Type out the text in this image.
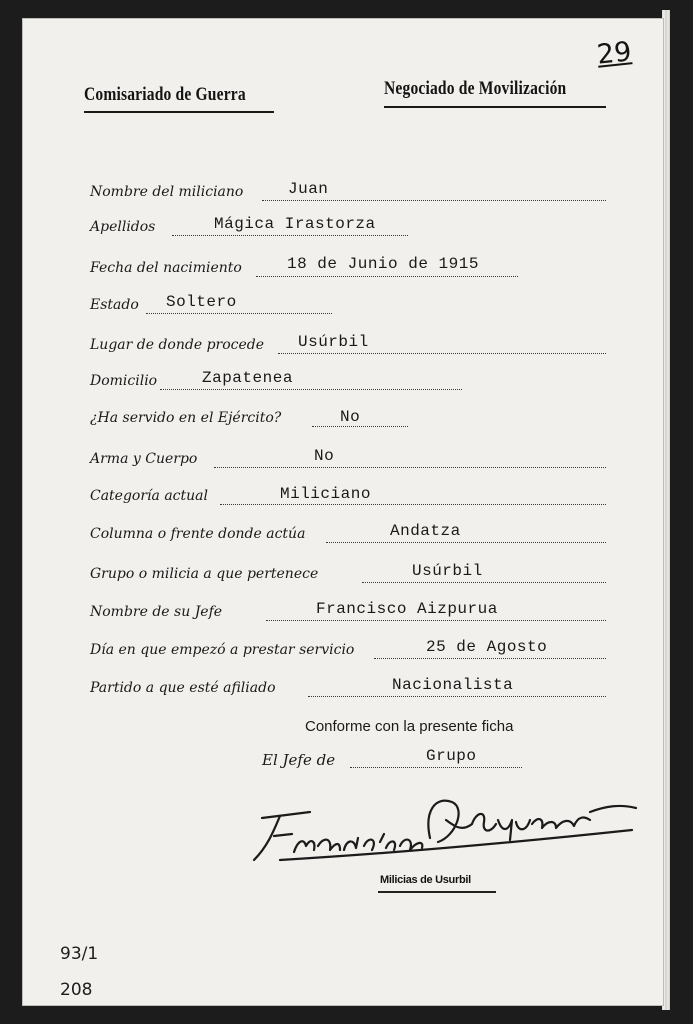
29
Comisariado de Guerra	Negociado de Movilización
Nombre del miliciano	Juan
Apellidos	Mágica Irastorza
Fecha del nacimiento	18 de Junio de 1915
Estado Soltero
Lugar de donde procede Usúrbil
Domicilio	Zapatenea
¿Ha servido en el Ejército?	No
Arma y Cuerpo	No
Categoría actual	Miliciano
Columna o frente donde actúa	Andatza
Grupo o milicia a que pertenece	Usúrbil
Nombre de su Jefe	Francisco Aizpurua
Día en que empezó a prestar servicio	25 de Agosto
Partido a que esté afiliado	Nacionalista
Conforme con la presente ficha
El Jefe de	Grupo
Milicias de Usurbil
93/1
208
